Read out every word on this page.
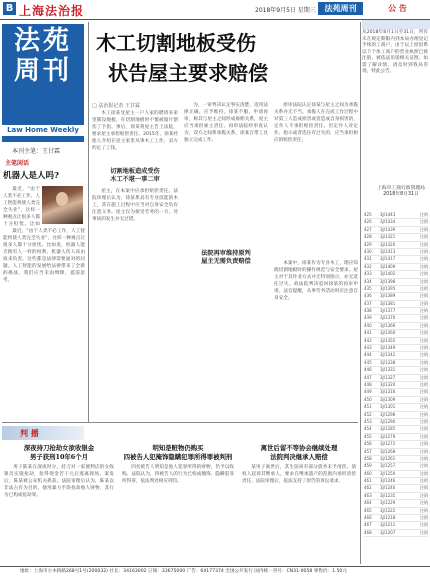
B 上海法治报	2018年9月5日 星期三	法苑周刊	公 告
法苑
周刊
Law Home Weekly
本刊主笔：王甘霖
木工切割地板受伤
状告屋主要求赔偿
□ 法治报记者 王甘霖

木工徐某受屋主一户人家的聘请来家里铺设地板，在切割地板时不慎被锯片割伤了手指。事后，徐某将屋主告上法院，要求屋主承担赔偿责任。2015年，徐某经他人介绍在屋主家里从事木工工作，双方约定了工钱。

切割地板造成受伤
木工不堪一事二审

屋主，在本案中应承担赔偿责任。法院审理后认为，徐某系具有专业技能的木工，其在施工过程中应当对自身安全负有注意义务。屋主仅为接受劳务的一方，对事故的发生并无过错。

为，一审判决认定事实清楚，适用法律正确，应予维持。徐某不服，申请再审，称其与屋主之间形成雇佣关系，屋主应当承担雇主责任。再审法院经审查认为，双方之间系承揽关系，徐某自带工具独立完成工作。

法院再审维持原判
屋主无需负责赔偿

原审法院认定徐某与屋主之间为承揽关系并无不当。承揽人在完成工作过程中对第三人造成损害或者造成自身损害的，定作人不承担赔偿责任。但定作人对定作、指示或者选任有过失的，应当承担相应的赔偿责任。

本案中，徐某作为专业木工，理应知晓切割地板时的操作规范与安全要求。屋主对于其作业方式并无特别指示，亦无选任过失。故法院判决驳回徐某的再审申请。法官提醒，从事劳务活动时应注意自身安全。

主笔闲话
机器人是人吗?

最近，“由于人类不必工作，人工智能将使人类完全失业”，这样一种观点让很多人都十分担忧。比如

最近，“由于人类不必工作，人工智能将使人类完全失业”，这样一种观点让很多人都十分担忧。比如说，机器人能否拥有人一样的权利，机器人伤人该由谁来负责，这些都是法律需要面对的问题。人工智能的发展给法律带来了全新的挑战，我们应当未雨绸缪，提前思考。

从2018年8月1日至31日，所有未在规定期限内到本局办理登记手续的工商户，由于以上原因系以下个体工商户的营业执照已被注销，被依法吊销相关证照。如需了解详情，请及时到我局咨询，特此公告。
上海市工商行政管理局 2018年8月31日
425	3J/1443	注销
426	3J/1434	注销
427	3J/1439	注销
428	3J/1421	注销
429	3J/1420	注销
430	3J/1413	注销
431	3J/1417	注销
432	3J/1409	注销
433	3J/1402	注销
434	3J/1398	注销
435	3J/1395	注销
436	3J/1389	注销
437	3J/1381	注销
438	3J/1377	注销
439	3J/1370	注销
440	3J/1366	注销
441	3J/1360	注销
442	3J/1355	注销
443	3J/1349	注销
444	3J/1342	注销
445	3J/1338	注销
446	3J/1331	注销
447	3J/1327	注销
448	3J/1320	注销
449	3J/1316	注销
450	3J/1309	注销
451	3J/1301	注销
452	3J/1298	注销
453	3J/1290	注销
454	3J/1285	注销
455	3J/1279	注销
456	3J/1272	注销
457	3J/1268	注销
458	3J/1261	注销
459	3J/1257	注销
460	3J/1250	注销
461	3J/1246	注销
462	3J/1240	注销
463	3J/1235	注销
464	3J/1229	注销
465	3J/1222	注销
466	3J/1218	注销
467	3J/1211	注销
468	3J/1207	注销
判 播
深夜持刀抢劫女欲收银金
男子获刑10年6个月

男子陈某在深夜时分，持刀对一家便利店的女收银员实施抢劫，抢得现金若干元后逃离现场。案发后，陈某被公安机关抓获。法院审理后认为，陈某以非法占有为目的，使用暴力手段抢劫他人财物，其行为已构成抢劫罪。

明知是赃物仍购买
四被告人犯掩饰隐瞒犯罪所得罪被判刑

四名被告人明知是他人犯罪所得的财物，仍予以收购。法院认为，四被告人的行为已构成掩饰、隐瞒犯罪所得罪，依法判处相应刑罚。

离世后留不等协会继续处理
法院判决继承人赔偿

某男子离世后，其生前尚有部分债务未予清偿。债权人起诉其继承人，要求在继承遗产的范围内承担清偿责任。法院审理后，依法支持了原告的诉讼请求。

地址：上海市小木桥路268号1号(200032) 社长：34163002 订阅：33675000 广告：64177374 全国公开发行 国内统一刊号：CN31-0058 零售价：1.50元
